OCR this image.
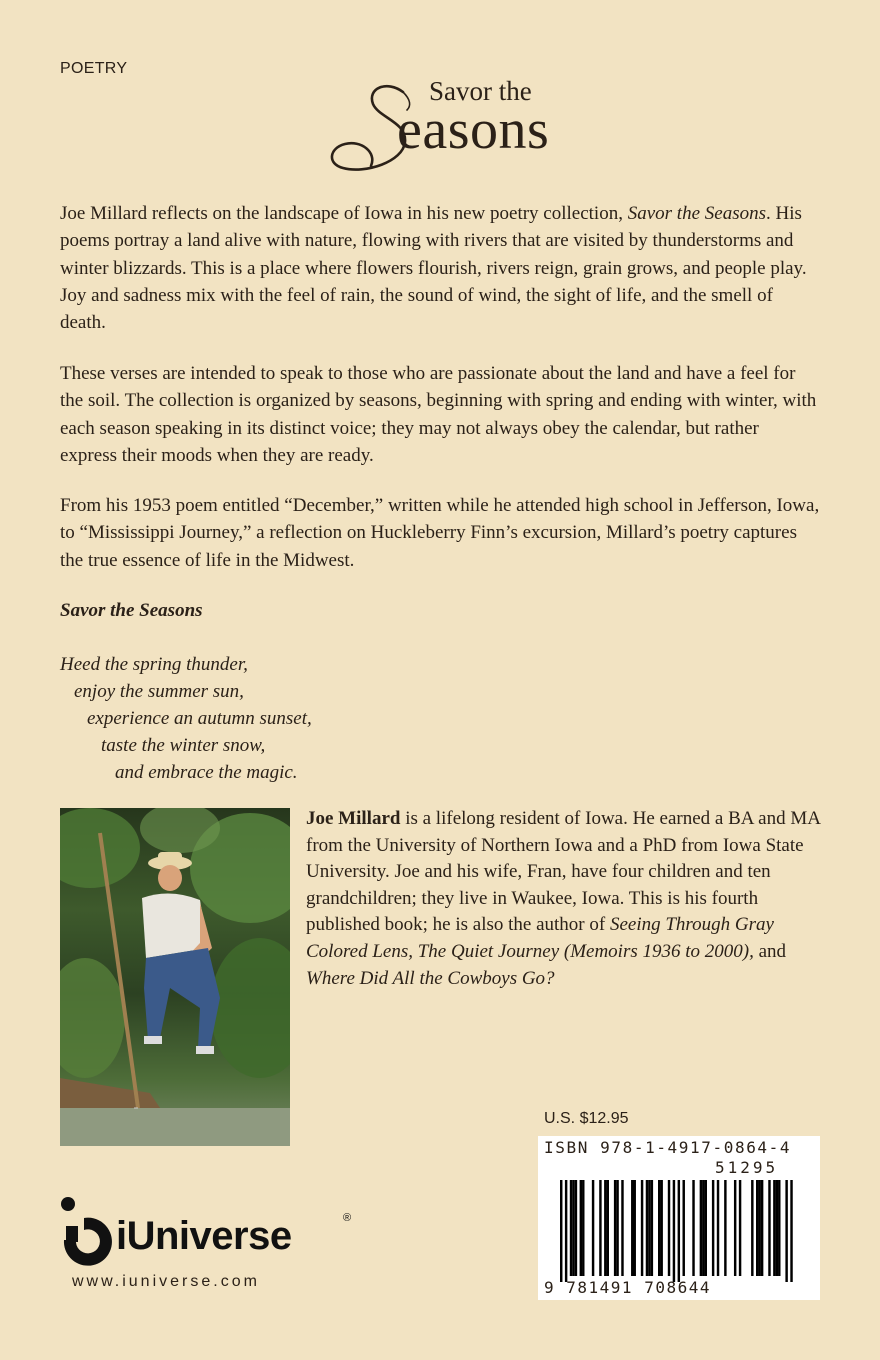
POETRY
Savor the
easons
Joe Millard reflects on the landscape of Iowa in his new poetry collection, Savor the Seasons. His poems portray a land alive with nature, flowing with rivers that are visited by thunderstorms and winter blizzards. This is a place where flowers flourish, rivers reign, grain grows, and people play. Joy and sadness mix with the feel of rain, the sound of wind, the sight of life, and the smell of death.
These verses are intended to speak to those who are passionate about the land and have a feel for the soil. The collection is organized by seasons, beginning with spring and ending with winter, with each season speaking in its distinct voice; they may not always obey the calendar, but rather express their moods when they are ready.
From his 1953 poem entitled “December,” written while he attended high school in Jefferson, Iowa, to “Mississippi Journey,” a reflection on Huckleberry Finn’s excursion, Millard’s poetry captures the true essence of life in the Midwest.
Savor the Seasons
Heed the spring thunder,
enjoy the summer sun,
experience an autumn sunset,
taste the winter snow,
and embrace the magic.
Joe Millard is a lifelong resident of Iowa. He earned a BA and MA from the University of Northern Iowa and a PhD from Iowa State University. Joe and his wife, Fran, have four children and ten grandchildren; they live in Waukee, Iowa. This is his fourth published book; he is also the author of Seeing Through Gray Colored Lens, The Quiet Journey (Memoirs 1936 to 2000), and Where Did All the Cowboys Go?
U.S. $12.95
ISBN 978-1-4917-0864-4
51295
9 781491 708644
iUniverse	®
www.iuniverse.com
